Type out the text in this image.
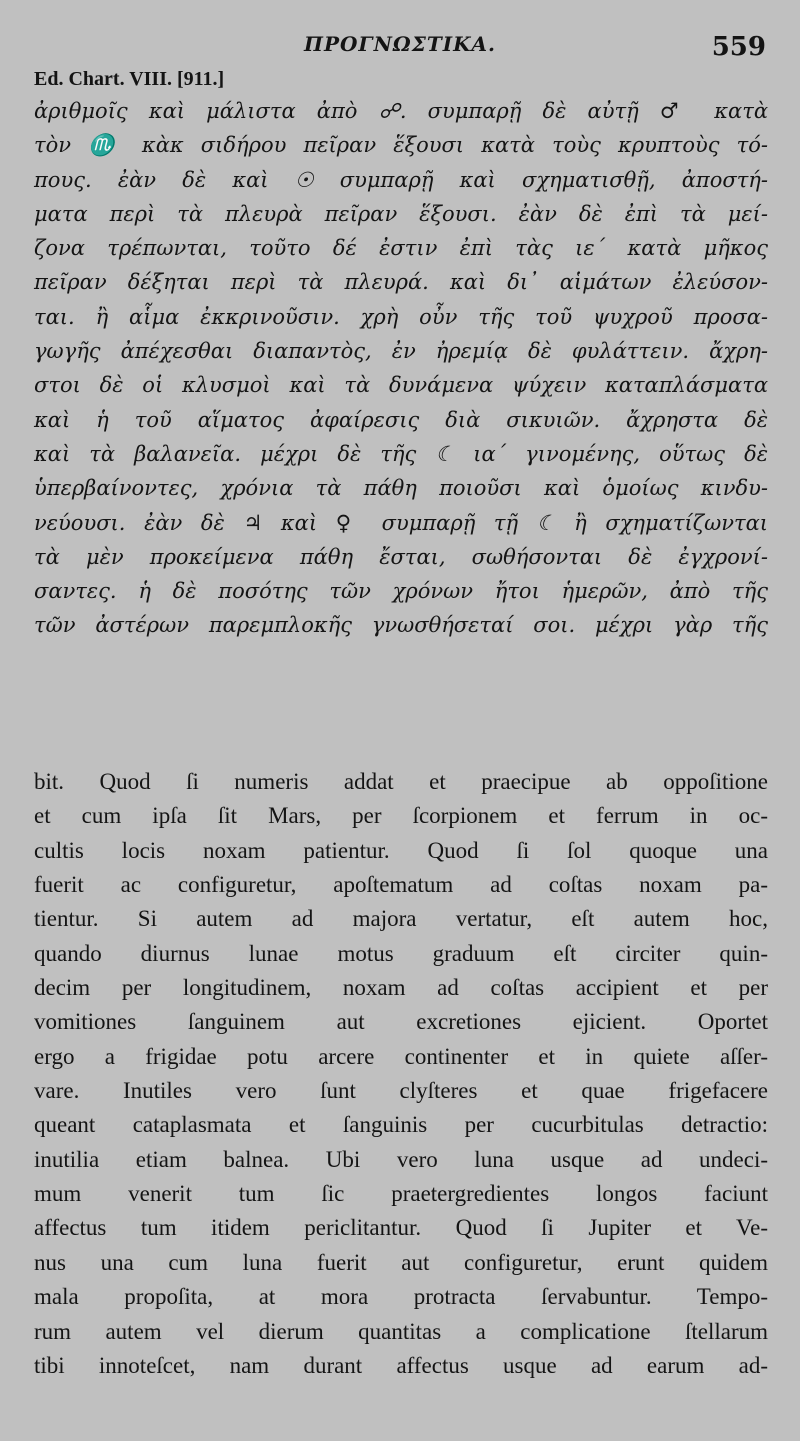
ΠΡΟΓΝΩΣΤΙΚΑ.	559
Ed. Chart. VIII. [911.]
ἀριθμοῖς καὶ μάλιστα ἀπὸ ☍. συμπαρῇ δὲ αὐτῇ ♂ κατὰ
τὸν ♏ κὰκ σιδήρου πεῖραν ἕξουσι κατὰ τοὺς κρυπτοὺς τό-
πους. ἐὰν δὲ καὶ ☉ συμπαρῇ καὶ σχηματισθῇ, ἀποστή-
ματα περὶ τὰ πλευρὰ πεῖραν ἕξουσι. ἐὰν δὲ ἐπὶ τὰ μεί-
ζονα τρέπωνται, τοῦτο δέ ἐστιν ἐπὶ τὰς ιε΄ κατὰ μῆκος
πεῖραν δέξηται περὶ τὰ πλευρά. καὶ δι᾽ αἱμάτων ἐλεύσον-
ται. ἢ αἷμα ἐκκρινοῦσιν. χρὴ οὖν τῆς τοῦ ψυχροῦ προσα-
γωγῆς ἀπέχεσθαι διαπαντὸς, ἐν ἠρεμίᾳ δὲ φυλάττειν. ἄχρη-
στοι δὲ οἱ κλυσμοὶ καὶ τὰ δυνάμενα ψύχειν καταπλάσματα
καὶ ἡ τοῦ αἵματος ἀφαίρεσις διὰ σικυιῶν. ἄχρηστα δὲ
καὶ τὰ βαλανεῖα. μέχρι δὲ τῆς ☾ ια΄ γινομένης, οὕτως δὲ
ὑπερβαίνοντες, χρόνια τὰ πάθη ποιοῦσι καὶ ὁμοίως κινδυ-
νεύουσι. ἐὰν δὲ ♃ καὶ ♀ συμπαρῇ τῇ ☾ ἢ σχηματίζωνται
τὰ μὲν προκείμενα πάθη ἔσται, σωθήσονται δὲ ἐγχρονί-
σαντες. ἡ δὲ ποσότης τῶν χρόνων ἤτοι ἡμερῶν, ἀπὸ τῆς
τῶν ἀστέρων παρεμπλοκῆς γνωσθήσεταί σοι. μέχρι γὰρ τῆς
bit. Quod ſi numeris addat et praecipue ab oppoſitione
et cum ipſa ſit Mars, per ſcorpionem et ferrum in oc-
cultis locis noxam patientur. Quod ſi ſol quoque una
fuerit ac configuretur, apoſtematum ad coſtas noxam pa-
tientur. Si autem ad majora vertatur, eſt autem hoc,
quando diurnus lunae motus graduum eſt circiter quin-
decim per longitudinem, noxam ad coſtas accipient et per
vomitiones ſanguinem aut excretiones ejicient. Oportet
ergo a frigidae potu arcere continenter et in quiete aſſer-
vare. Inutiles vero ſunt clyſteres et quae frigefacere
queant cataplasmata et ſanguinis per cucurbitulas detractio:
inutilia etiam balnea. Ubi vero luna usque ad undeci-
mum venerit tum ſic praetergredientes longos faciunt
affectus tum itidem periclitantur. Quod ſi Jupiter et Ve-
nus una cum luna fuerit aut configuretur, erunt quidem
mala propoſita, at mora protracta ſervabuntur. Tempo-
rum autem vel dierum quantitas a complicatione ſtellarum
tibi innoteſcet, nam durant affectus usque ad earum ad-
